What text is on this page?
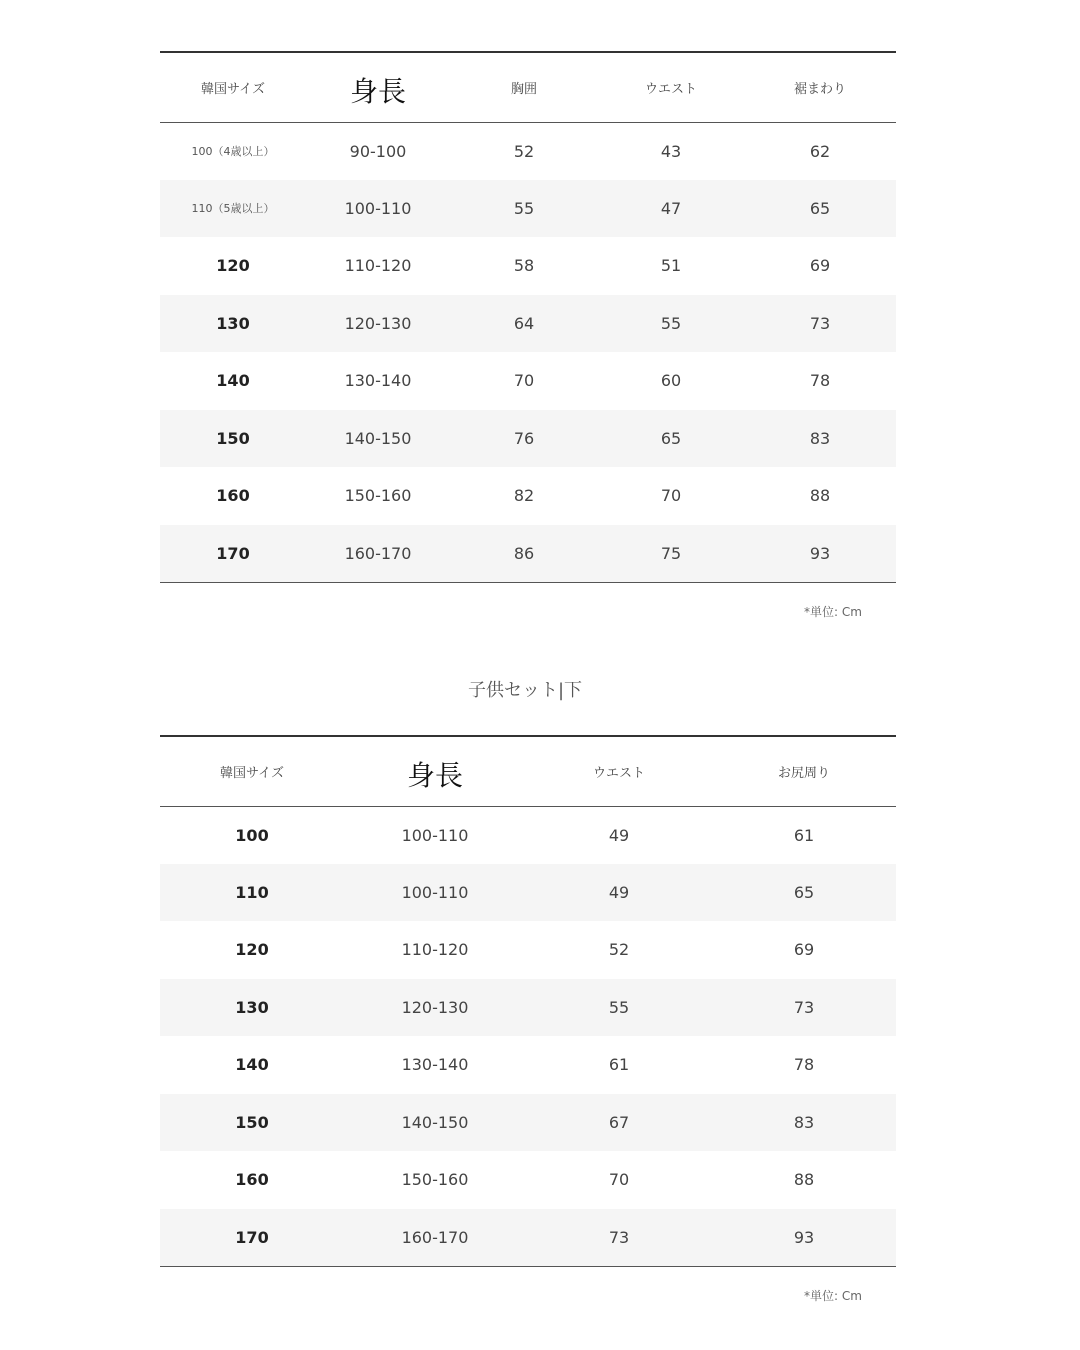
韓国サイズ	身長	胸囲	ウエスト	裾まわり
100（4歳以上）	90-100	52	43	62
110（5歳以上）	100-110	55	47	65
120	110-120	58	51	69
130	120-130	64	55	73
140	130-140	70	60	78
150	140-150	76	65	83
160	150-160	82	70	88
170	160-170	86	75	93
*単位: Cm
子供セット|下
韓国サイズ	身長	ウエスト	お尻周り
100	100-110	49	61
110	100-110	49	65
120	110-120	52	69
130	120-130	55	73
140	130-140	61	78
150	140-150	67	83
160	150-160	70	88
170	160-170	73	93
*単位: Cm
